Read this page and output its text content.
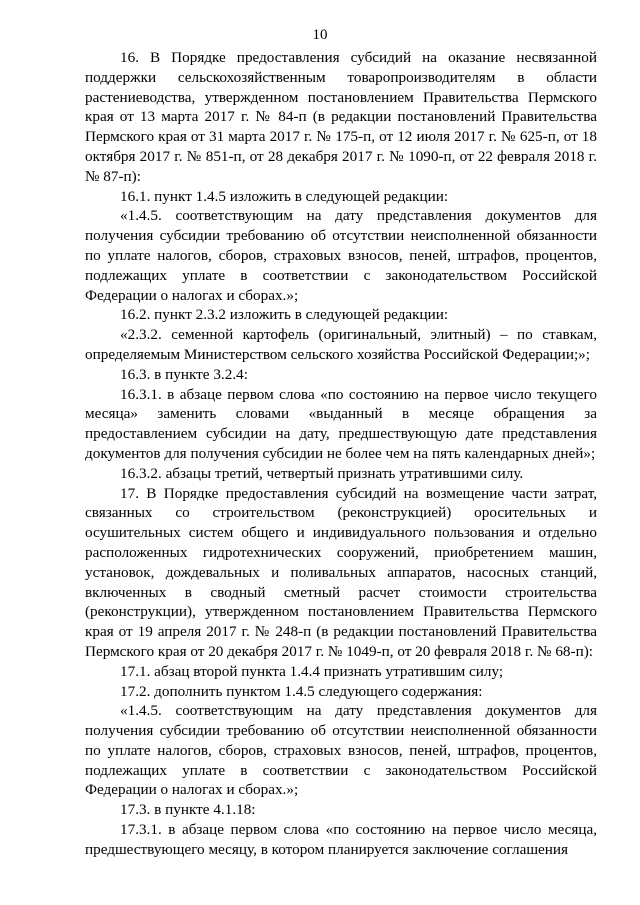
10

16. В Порядке предоставления субсидий на оказание несвязанной поддержки сельскохозяйственным товаропроизводителям в области растениеводства, утвержденном постановлением Правительства Пермского края от 13 марта 2017 г. № 84-п (в редакции постановлений Правительства Пермского края от 31 марта 2017 г. № 175-п, от 12 июля 2017 г. № 625-п, от 18 октября 2017 г. № 851-п, от 28 декабря 2017 г. № 1090-п, от 22 февраля 2018 г. № 87-п):

16.1. пункт 1.4.5 изложить в следующей редакции:

«1.4.5. соответствующим на дату представления документов для получения субсидии требованию об отсутствии неисполненной обязанности по уплате налогов, сборов, страховых взносов, пеней, штрафов, процентов, подлежащих уплате в соответствии с законодательством Российской Федерации о налогах и сборах.»;

16.2. пункт 2.3.2 изложить в следующей редакции:

«2.3.2. семенной картофель (оригинальный, элитный) – по ставкам, определяемым Министерством сельского хозяйства Российской Федерации;»;

16.3. в пункте 3.2.4:

16.3.1. в абзаце первом слова «по состоянию на первое число текущего месяца» заменить словами «выданный в месяце обращения за предоставлением субсидии на дату, предшествующую дате представления документов для получения субсидии не более чем на пять календарных дней»;

16.3.2. абзацы третий, четвертый признать утратившими силу.

17. В Порядке предоставления субсидий на возмещение части затрат, связанных со строительством (реконструкцией) оросительных и осушительных систем общего и индивидуального пользования и отдельно расположенных гидротехнических сооружений, приобретением машин, установок, дождевальных и поливальных аппаратов, насосных станций, включенных в сводный сметный расчет стоимости строительства (реконструкции), утвержденном постановлением Правительства Пермского края от 19 апреля 2017 г. № 248-п (в редакции постановлений Правительства Пермского края от 20 декабря 2017 г. № 1049-п, от 20 февраля 2018 г. № 68-п):

17.1. абзац второй пункта 1.4.4 признать утратившим силу;

17.2. дополнить пунктом 1.4.5 следующего содержания:

«1.4.5. соответствующим на дату представления документов для получения субсидии требованию об отсутствии неисполненной обязанности по уплате налогов, сборов, страховых взносов, пеней, штрафов, процентов, подлежащих уплате в соответствии с законодательством Российской Федерации о налогах и сборах.»;

17.3. в пункте 4.1.18:

17.3.1. в абзаце первом слова «по состоянию на первое число месяца, предшествующего месяцу, в котором планируется заключение соглашения
